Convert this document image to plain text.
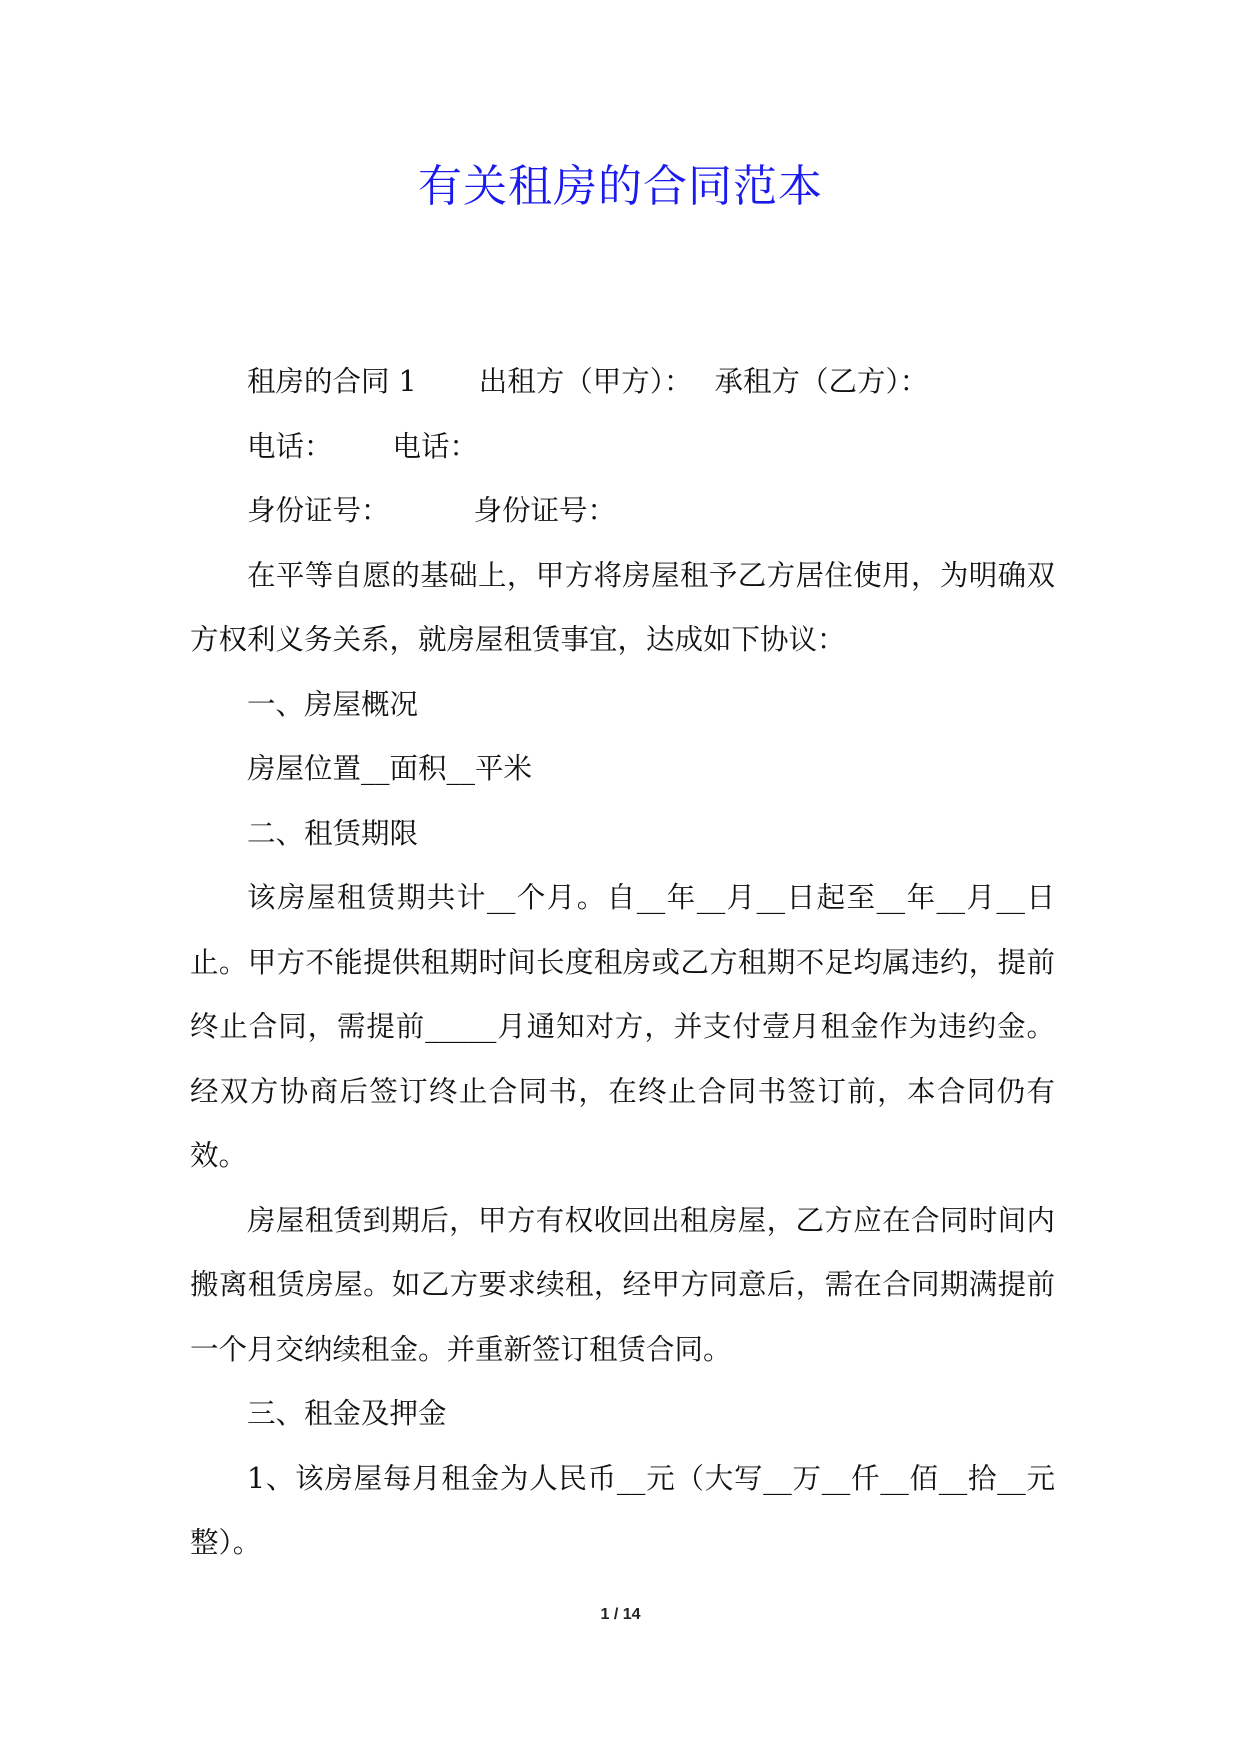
有关租房的合同范本
租房的合同 1 出租方（甲方）： 承租方（乙方）：
电话： 电话：
身份证号：	身份证号：

在平等自愿的基础上，甲方将房屋租予乙方居住使用，为明确双方权利义务关系，就房屋租赁事宜，达成如下协议：

一、房屋概况

房屋位置__面积__平米

二、租赁期限

该房屋租赁期共计__个月。自__年__月__日起至__年__月__日止。甲方不能提供租期时间长度租房或乙方租期不足均属违约，提前终止合同，需提前_____月通知对方，并支付壹月租金作为违约金。经双方协商后签订终止合同书，在终止合同书签订前，本合同仍有效。

房屋租赁到期后，甲方有权收回出租房屋，乙方应在合同时间内搬离租赁房屋。如乙方要求续租，经甲方同意后，需在合同期满提前一个月交纳续租金。并重新签订租赁合同。

三、租金及押金

1、该房屋每月租金为人民币__元（大写__万__仟__佰__拾__元整）。

1 / 14
